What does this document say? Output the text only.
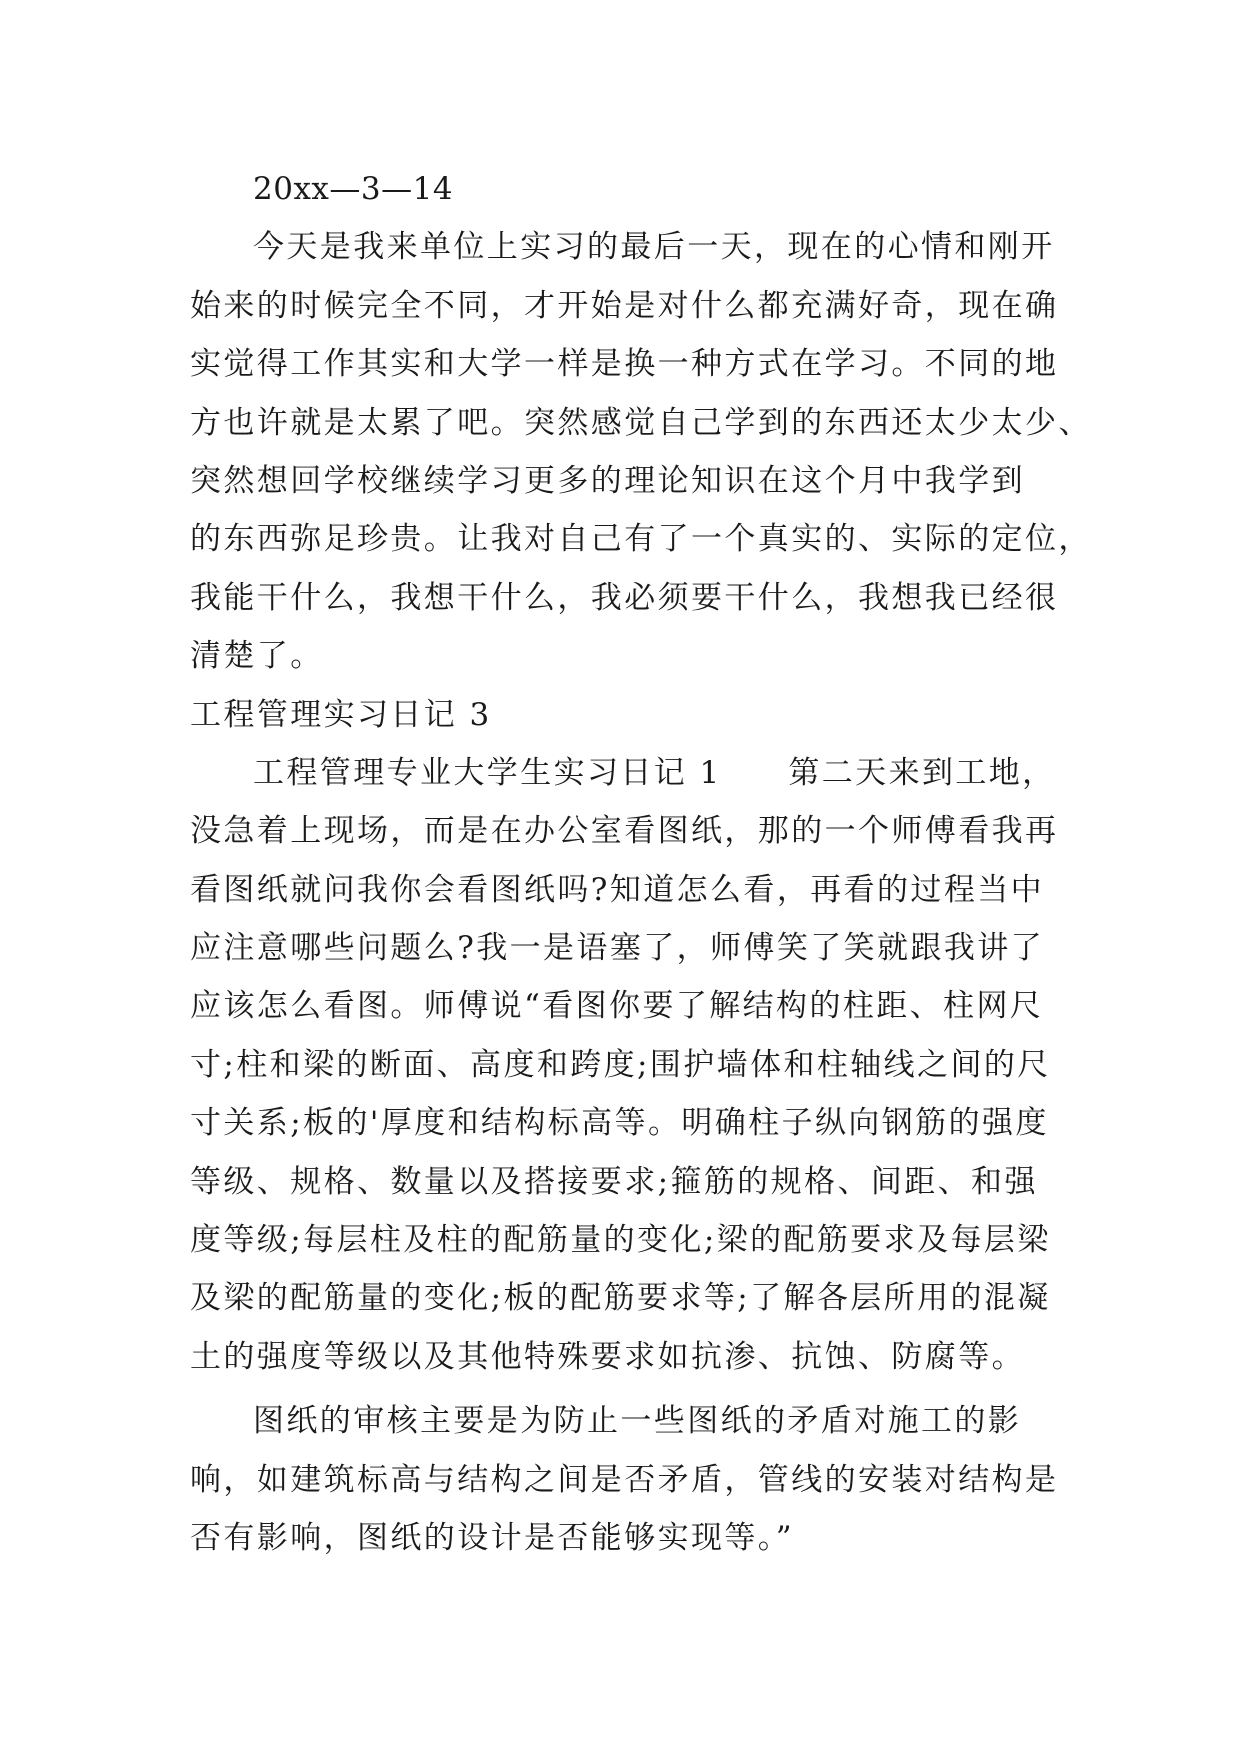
20xx—3—14
今天是我来单位上实习的最后一天，现在的心情和刚开
始来的时候完全不同，才开始是对什么都充满好奇，现在确
实觉得工作其实和大学一样是换一种方式在学习。不同的地
方也许就是太累了吧。突然感觉自己学到的东西还太少太少、
突然想回学校继续学习更多的理论知识在这个月中我学到
的东西弥足珍贵。让我对自己有了一个真实的、实际的定位，
我能干什么，我想干什么，我必须要干什么，我想我已经很
清楚了。
工程管理实习日记 3
工程管理专业大学生实习日记 1　　第二天来到工地，
没急着上现场，而是在办公室看图纸，那的一个师傅看我再
看图纸就问我你会看图纸吗?知道怎么看，再看的过程当中
应注意哪些问题么?我一是语塞了，师傅笑了笑就跟我讲了
应该怎么看图。师傅说“看图你要了解结构的柱距、柱网尺
寸;柱和梁的断面、高度和跨度;围护墙体和柱轴线之间的尺
寸关系;板的'厚度和结构标高等。明确柱子纵向钢筋的强度
等级、规格、数量以及搭接要求;箍筋的规格、间距、和强
度等级;每层柱及柱的配筋量的变化;梁的配筋要求及每层梁
及梁的配筋量的变化;板的配筋要求等;了解各层所用的混凝
土的强度等级以及其他特殊要求如抗渗、抗蚀、防腐等。
图纸的审核主要是为防止一些图纸的矛盾对施工的影
响，如建筑标高与结构之间是否矛盾，管线的安装对结构是
否有影响，图纸的设计是否能够实现等。”
